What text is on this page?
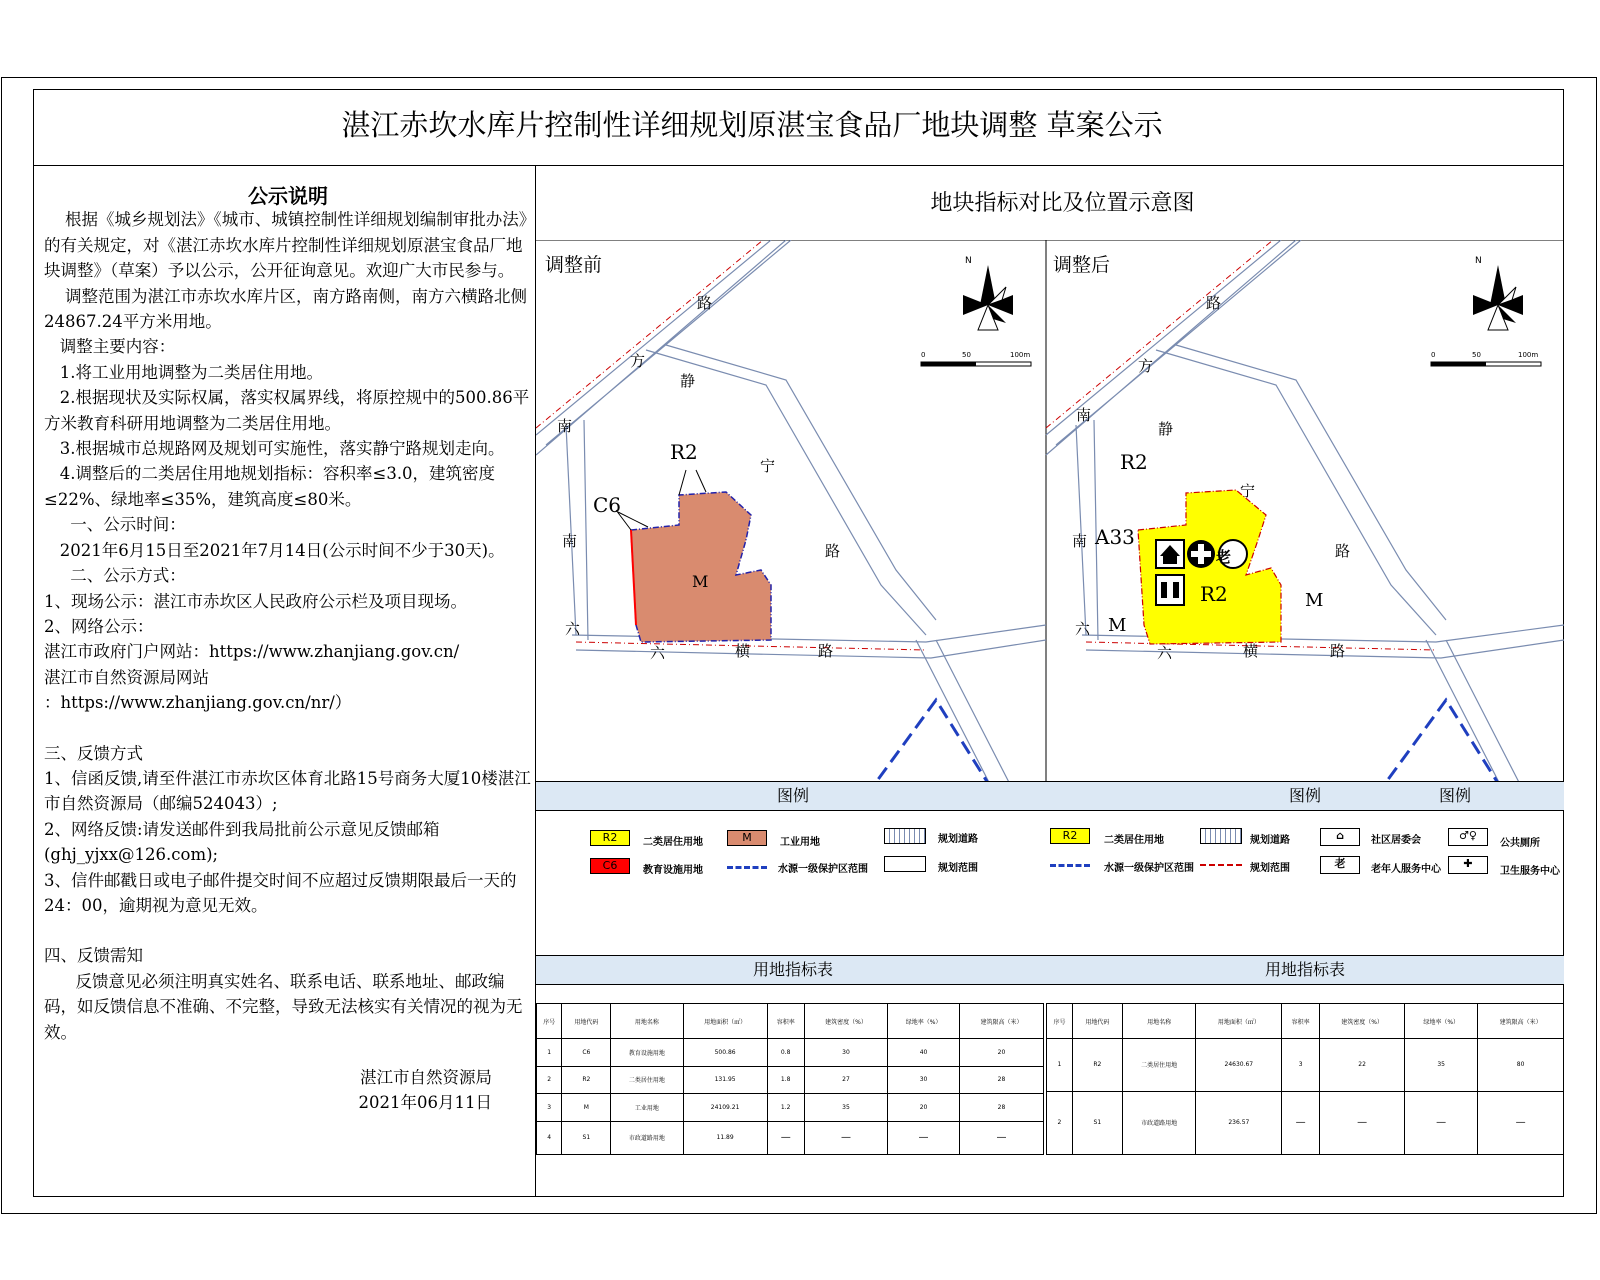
湛江赤坎水库片控制性详细规划原湛宝食品厂地块调整 草案公示

公示说明

根据《城乡规划法》《城市、城镇控制性详细规划编制审批办法》的有关规定，对《湛江赤坎水库片控制性详细规划原湛宝食品厂地块调整》（草案）予以公示，公开征询意见。欢迎广大市民参与。

调整范围为湛江市赤坎水库片区，南方路南侧，南方六横路北侧24867.24平方米用地。

调整主要内容：

1.将工业用地调整为二类居住用地。

2.根据现状及实际权属，落实权属界线，将原控规中的500.86平方米教育科研用地调整为二类居住用地。

3.根据城市总规路网及规划可实施性，落实静宁路规划走向。

4.调整后的二类居住用地规划指标：容积率≤3.0，建筑密度≤22%、绿地率≤35%，建筑高度≤80米。

一、公示时间：

2021年6月15日至2021年7月14日(公示时间不少于30天)。

二、公示方式：

1、现场公示：湛江市赤坎区人民政府公示栏及项目现场。

2、网络公示：

湛江市政府门户网站：https://www.zhanjiang.gov.cn/

湛江市自然资源局网站

：https://www.zhanjiang.gov.cn/nr/）

三、反馈方式

1、信函反馈,请至件湛江市赤坎区体育北路15号商务大厦10楼湛江市自然资源局（邮编524043）;

2、网络反馈:请发送邮件到我局批前公示意见反馈邮箱(ghj_yjxx@126.com);

3、信件邮戳日或电子邮件提交时间不应超过反馈期限最后一天的24：00，逾期视为意见无效。

四、反馈需知

反馈意见必须注明真实姓名、联系电话、联系地址、邮政编码，如反馈信息不准确、不完整，导致无法核实有关情况的视为无效。

湛江市自然资源局

2021年06月11日

地块指标对比及位置示意图
调整前
R2
C6
M
路
方
静
南
宁
路
南
六	横	路
六
N
0	50	100m
调整后
R2
A33
R2	M
M
路
方
静
南
宁
路
南
六	横	路
六
老
N
0	50	100m
图例	图例	图例
R2	二类居住用地	M	工业用地	规划道路
C6	教育设施用地	水源一级保护区范围	规划范围
R2	二类居住用地	规划道路	⌂	社区居委会	♂♀
公共厕所
水源一级保护区范围	规划范围	老	老年人服务中心	✚
卫生服务中心
用地指标表	用地指标表
序号	用地代码	用地名称	用地面积（㎡）	容积率	建筑密度（%）	绿地率（%）	建筑限高（米）
1	C6	教育设施用地	500.86	0.8	30	40	20
2	R2	二类居住用地	131.95	1.8	27	30	28
3	M	工业用地	24109.21	1.2	35	20	28
4	S1	市政道路用地	11.89	—	—	—	—
序号	用地代码	用地名称	用地面积（㎡）	容积率	建筑密度（%）	绿地率（%）	建筑限高（米）
1	R2	二类居住用地	24630.67	3	22	35	80
2	S1	市政道路用地	236.57	—	—	—	—
